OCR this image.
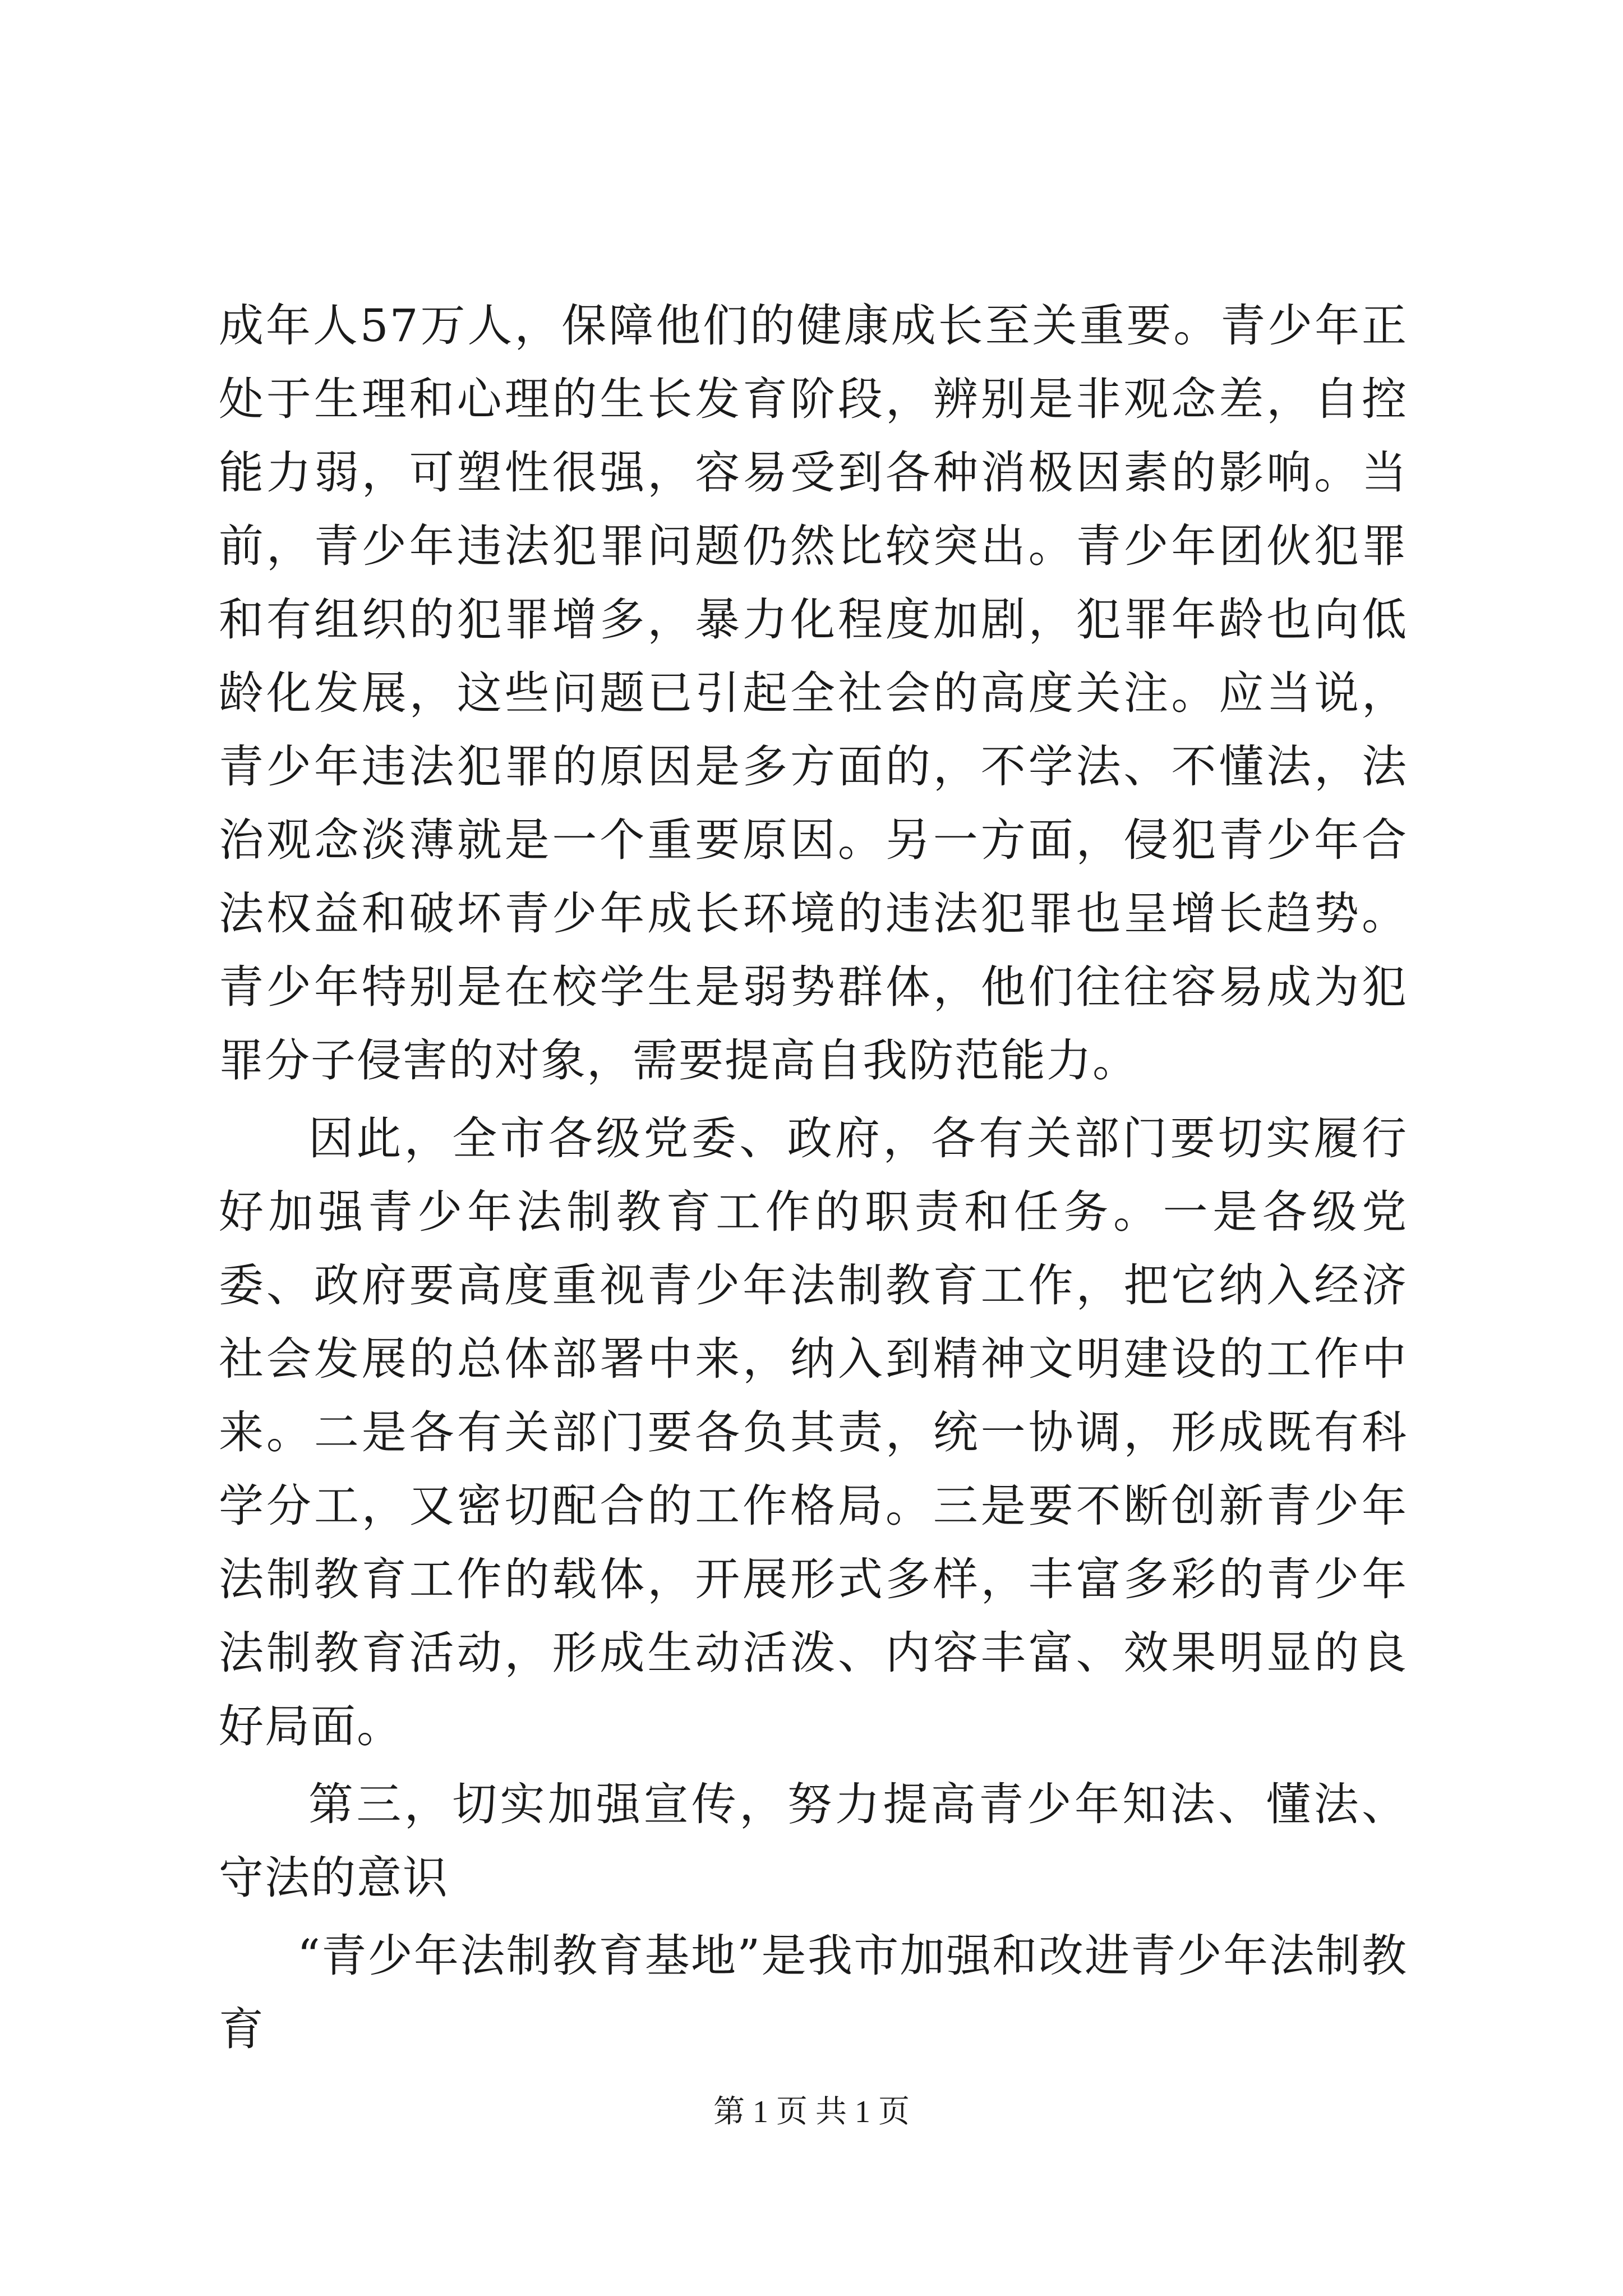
成年人57万人，保障他们的健康成长至关重要。青少年正处于生理和心理的生长发育阶段，辨别是非观念差，自控能力弱，可塑性很强，容易受到各种消极因素的影响。当前，青少年违法犯罪问题仍然比较突出。青少年团伙犯罪和有组织的犯罪增多，暴力化程度加剧，犯罪年龄也向低龄化发展，这些问题已引起全社会的高度关注。应当说，青少年违法犯罪的原因是多方面的，不学法、不懂法，法治观念淡薄就是一个重要原因。另一方面，侵犯青少年合法权益和破坏青少年成长环境的违法犯罪也呈增长趋势。青少年特别是在校学生是弱势群体，他们往往容易成为犯罪分子侵害的对象，需要提高自我防范能力。

因此，全市各级党委、政府，各有关部门要切实履行好加强青少年法制教育工作的职责和任务。一是各级党委、政府要高度重视青少年法制教育工作，把它纳入经济社会发展的总体部署中来，纳入到精神文明建设的工作中来。二是各有关部门要各负其责，统一协调，形成既有科学分工，又密切配合的工作格局。三是要不断创新青少年法制教育工作的载体，开展形式多样，丰富多彩的青少年法制教育活动，形成生动活泼、内容丰富、效果明显的良好局面。

第三，切实加强宣传，努力提高青少年知法、懂法、守法的意识

“青少年法制教育基地”是我市加强和改进青少年法制教育

第 1 页 共 1 页
